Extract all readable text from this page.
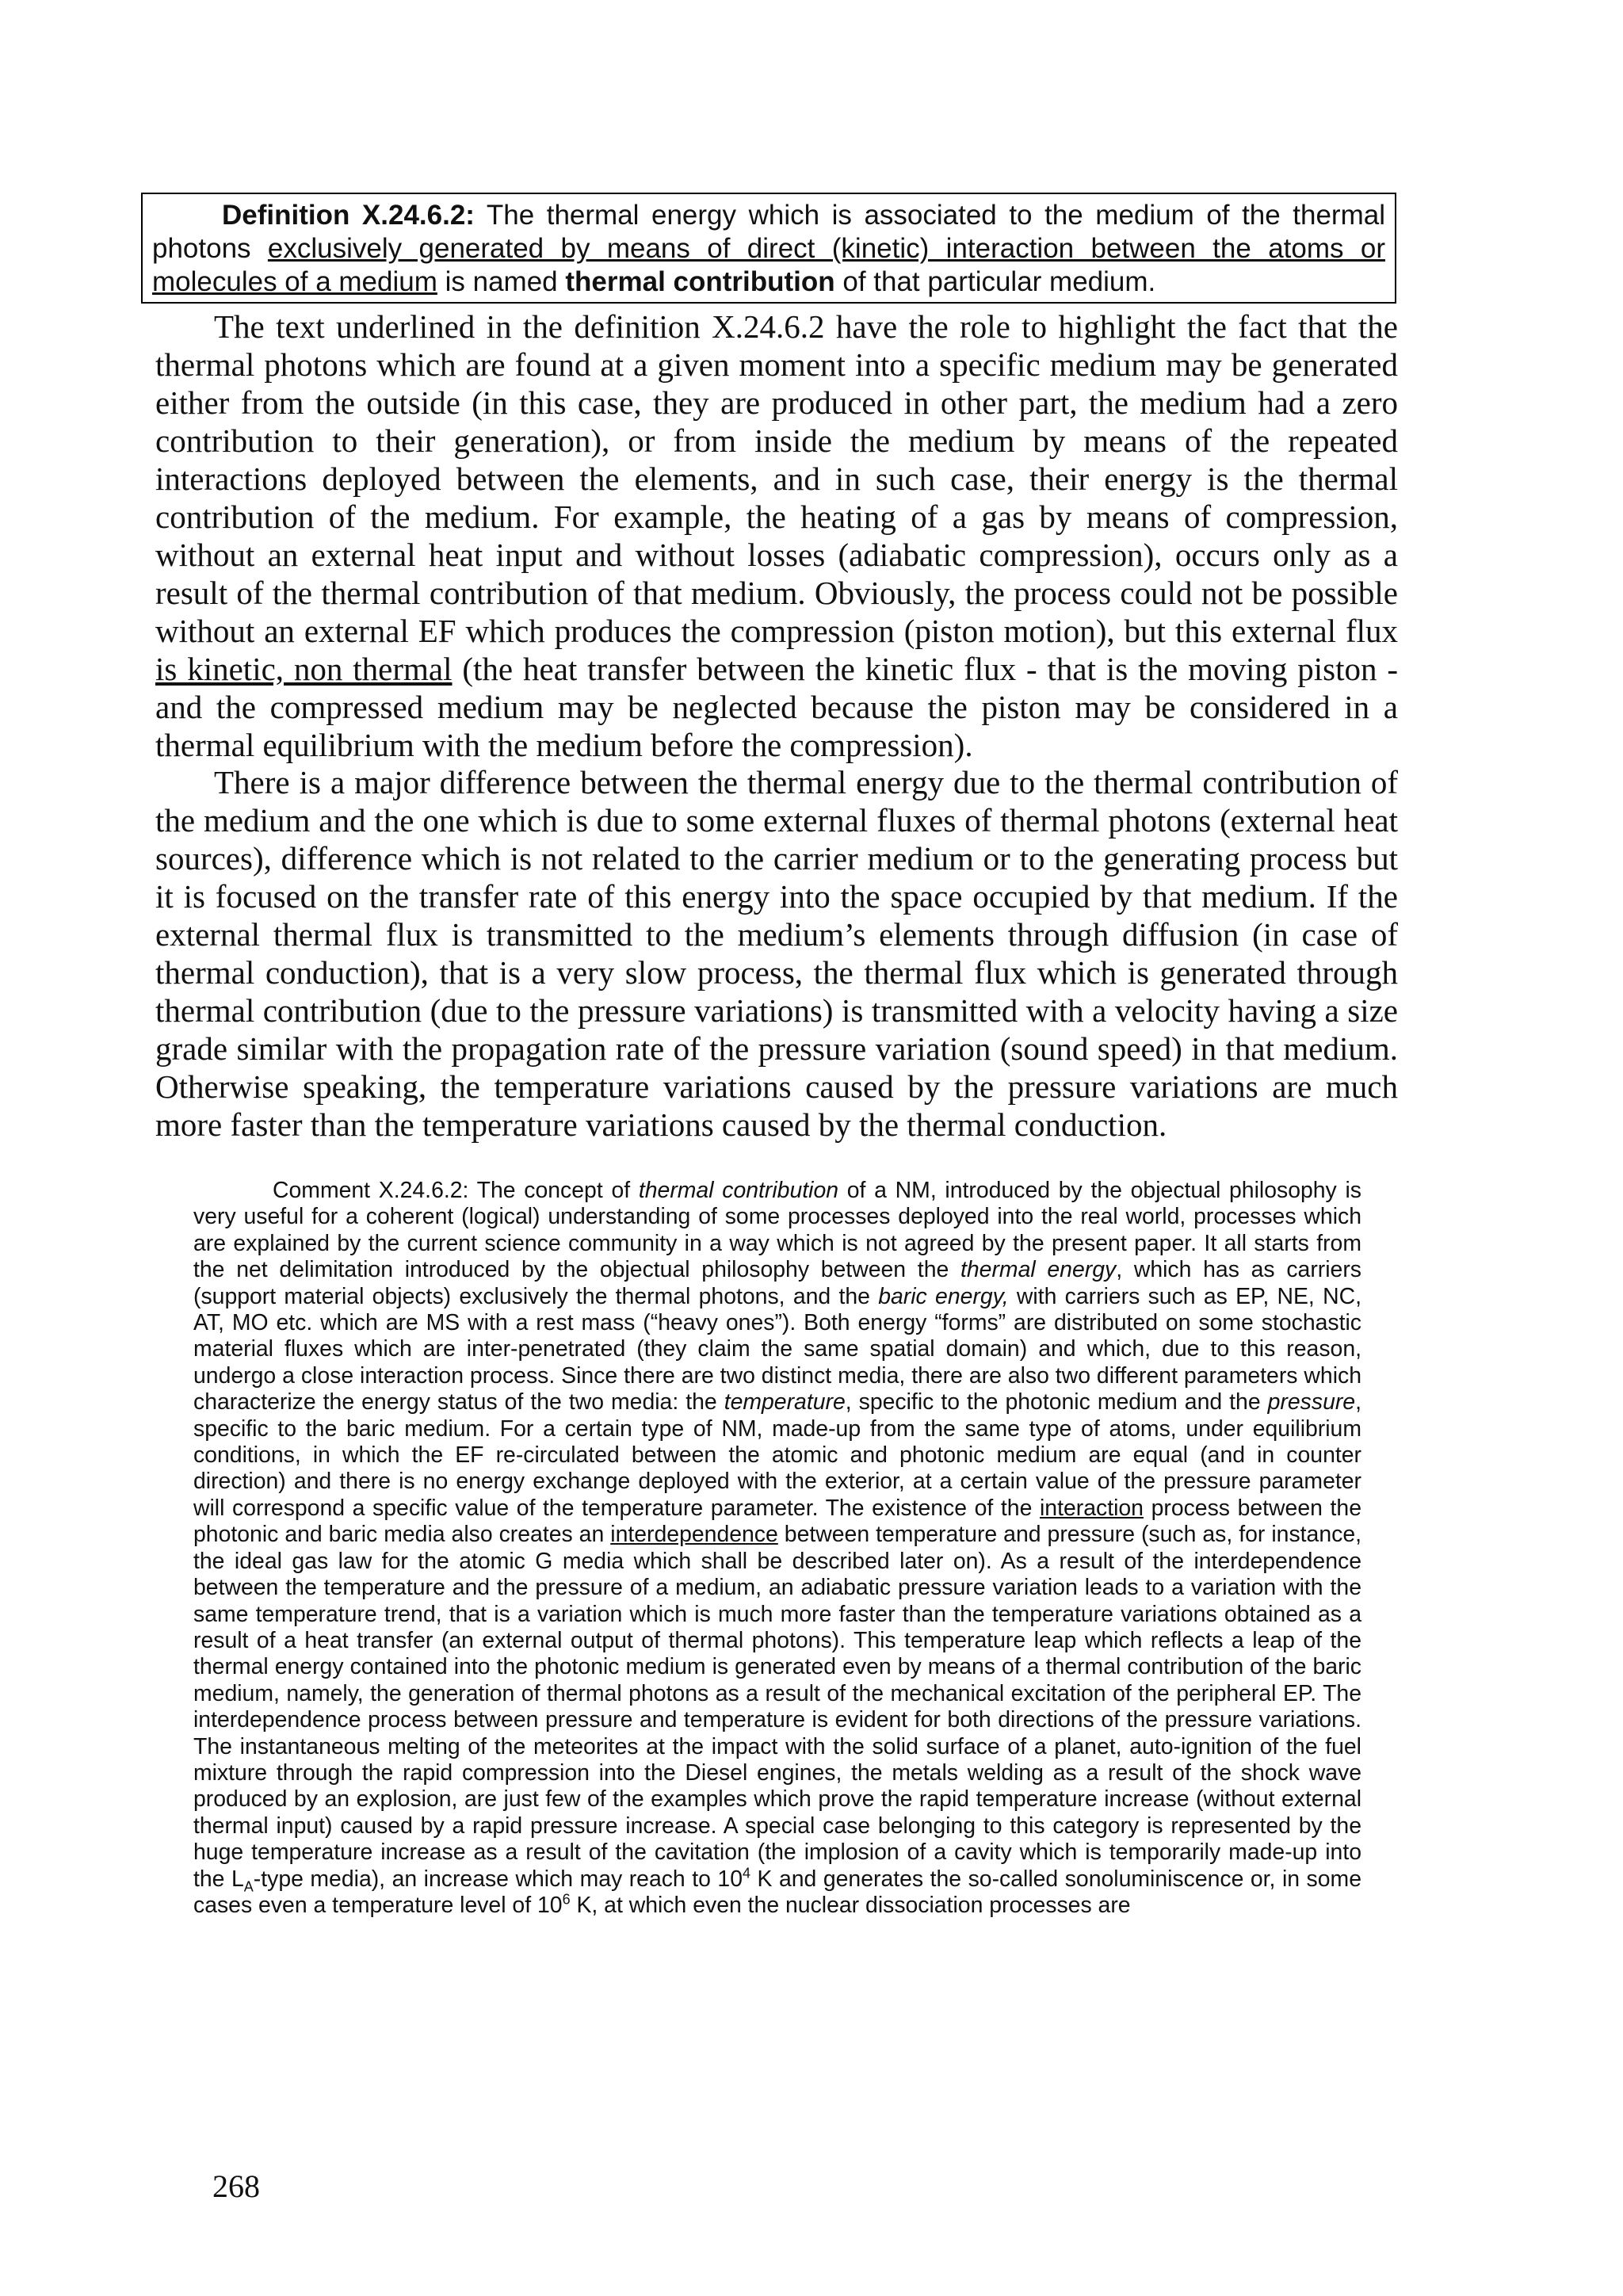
Definition X.24.6.2: The thermal energy which is associated to the medium of the thermal photons exclusively generated by means of direct (kinetic) interaction between the atoms or molecules of a medium is named thermal contribution of that particular medium.

The text underlined in the definition X.24.6.2 have the role to highlight the fact that the thermal photons which are found at a given moment into a specific medium may be generated either from the outside (in this case, they are produced in other part, the medium had a zero contribution to their generation), or from inside the medium by means of the repeated interactions deployed between the elements, and in such case, their energy is the thermal contribution of the medium. For example, the heating of a gas by means of compression, without an external heat input and without losses (adiabatic compression), occurs only as a result of the thermal contribution of that medium. Obviously, the process could not be possible without an external EF which produces the compression (piston motion), but this external flux is kinetic, non thermal (the heat transfer between the kinetic flux - that is the moving piston - and the compressed medium may be neglected because the piston may be considered in a thermal equilibrium with the medium before the compression).

There is a major difference between the thermal energy due to the thermal contribution of the medium and the one which is due to some external fluxes of thermal photons (external heat sources), difference which is not related to the carrier medium or to the generating process but it is focused on the transfer rate of this energy into the space occupied by that medium. If the external thermal flux is transmitted to the medium’s elements through diffusion (in case of thermal conduction), that is a very slow process, the thermal flux which is generated through thermal contribution (due to the pressure variations) is transmitted with a velocity having a size grade similar with the propagation rate of the pressure variation (sound speed) in that medium. Otherwise speaking, the temperature variations caused by the pressure variations are much more faster than the temperature variations caused by the thermal conduction.

Comment X.24.6.2: The concept of thermal contribution of a NM, introduced by the objectual philosophy is very useful for a coherent (logical) understanding of some processes deployed into the real world, processes which are explained by the current science community in a way which is not agreed by the present paper. It all starts from the net delimitation introduced by the objectual philosophy between the thermal energy, which has as carriers (support material objects) exclusively the thermal photons, and the baric energy, with carriers such as EP, NE, NC, AT, MO etc. which are MS with a rest mass (“heavy ones”). Both energy “forms” are distributed on some stochastic material fluxes which are inter-penetrated (they claim the same spatial domain) and which, due to this reason, undergo a close interaction process. Since there are two distinct media, there are also two different parameters which characterize the energy status of the two media: the temperature, specific to the photonic medium and the pressure, specific to the baric medium. For a certain type of NM, made-up from the same type of atoms, under equilibrium conditions, in which the EF re-circulated between the atomic and photonic medium are equal (and in counter direction) and there is no energy exchange deployed with the exterior, at a certain value of the pressure parameter will correspond a specific value of the temperature parameter. The existence of the interaction process between the photonic and baric media also creates an interdependence between temperature and pressure (such as, for instance, the ideal gas law for the atomic G media which shall be described later on). As a result of the interdependence between the temperature and the pressure of a medium, an adiabatic pressure variation leads to a variation with the same temperature trend, that is a variation which is much more faster than the temperature variations obtained as a result of a heat transfer (an external output of thermal photons). This temperature leap which reflects a leap of the thermal energy contained into the photonic medium is generated even by means of a thermal contribution of the baric medium, namely, the generation of thermal photons as a result of the mechanical excitation of the peripheral EP. The interdependence process between pressure and temperature is evident for both directions of the pressure variations. The instantaneous melting of the meteorites at the impact with the solid surface of a planet, auto-ignition of the fuel mixture through the rapid compression into the Diesel engines, the metals welding as a result of the shock wave produced by an explosion, are just few of the examples which prove the rapid temperature increase (without external thermal input) caused by a rapid pressure increase. A special case belonging to this category is represented by the huge temperature increase as a result of the cavitation (the implosion of a cavity which is temporarily made-up into the $L_A$-type media), an increase which may reach to $10^4$ K and generates the so-called sonoluminiscence or, in some cases even a temperature level of $10^6$ K, at which even the nuclear dissociation processes are

268
